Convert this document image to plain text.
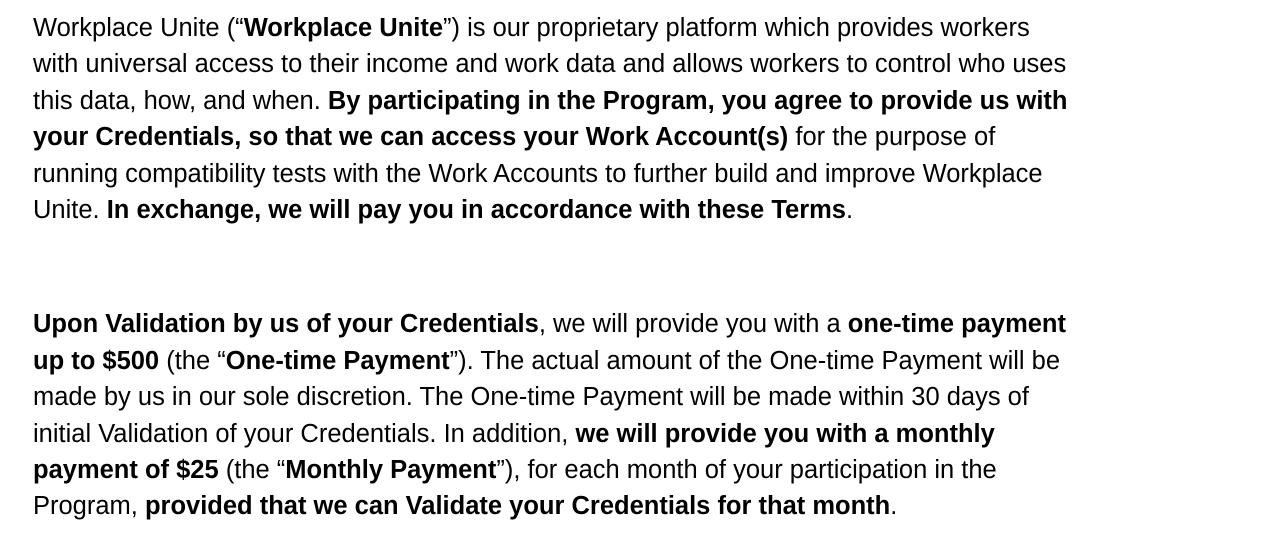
Workplace Unite (“Workplace Unite”) is our proprietary platform which provides workers
with universal access to their income and work data and allows workers to control who uses
this data, how, and when. By participating in the Program, you agree to provide us with
your Credentials, so that we can access your Work Account(s) for the purpose of
running compatibility tests with the Work Accounts to further build and improve Workplace
Unite. In exchange, we will pay you in accordance with these Terms.

Upon Validation by us of your Credentials, we will provide you with a one-time payment
up to $500 (the “One-time Payment”). The actual amount of the One-time Payment will be
made by us in our sole discretion. The One-time Payment will be made within 30 days of
initial Validation of your Credentials. In addition, we will provide you with a monthly
payment of $25 (the “Monthly Payment”), for each month of your participation in the
Program, provided that we can Validate your Credentials for that month.
